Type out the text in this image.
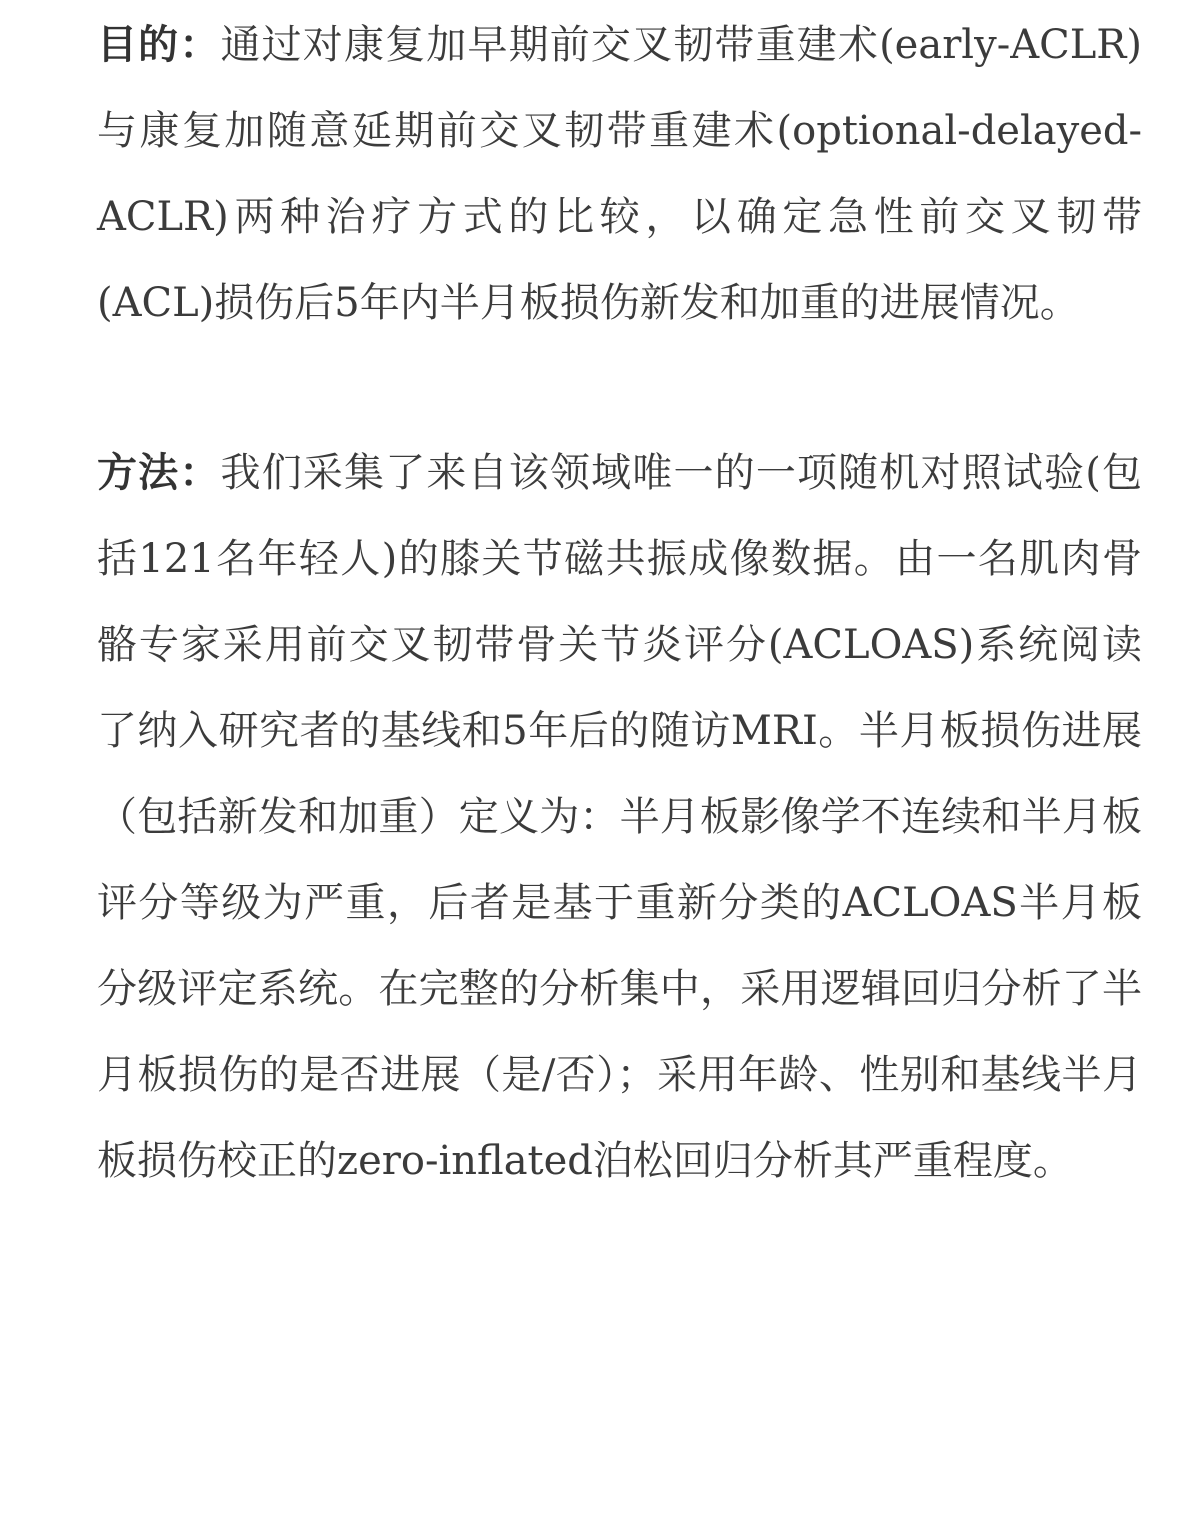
目的：通过对康复加早期前交叉韧带重建术(early-ACLR)与康复加随意延期前交叉韧带重建术(optional-delayed-ACLR)两种治疗方式的比较，以确定急性前交叉韧带(ACL)损伤后5年内半月板损伤新发和加重的进展情况。

方法：我们采集了来自该领域唯一的一项随机对照试验(包括121名年轻人)的膝关节磁共振成像数据。由一名肌肉骨骼专家采用前交叉韧带骨关节炎评分(ACLOAS)系统阅读了纳入研究者的基线和5年后的随访MRI。半月板损伤进展（包括新发和加重）定义为：半月板影像学不连续和半月板评分等级为严重，后者是基于重新分类的ACLOAS半月板分级评定系统。在完整的分析集中，采用逻辑回归分析了半月板损伤的是否进展（是/否）；采用年龄、性别和基线半月板损伤校正的zero-inflated泊松回归分析其严重程度。
